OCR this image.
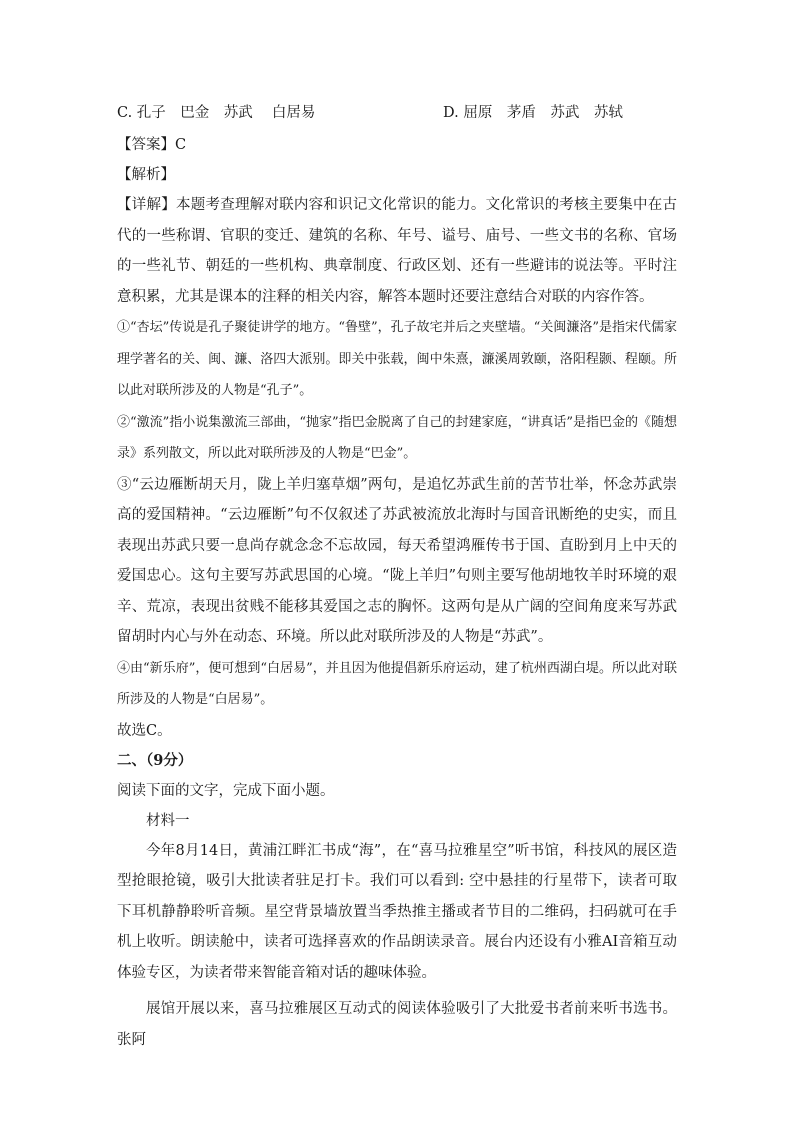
C. 孔子　巴金　苏武　 白居易	D. 屈原　茅盾　苏武　苏轼
【答案】C
【解析】

【详解】本题考查理解对联内容和识记文化常识的能力。文化常识的考核主要集中在古代的一些称谓、官职的变迁、建筑的名称、年号、谥号、庙号、一些文书的名称、官场的一些礼节、朝廷的一些机构、典章制度、行政区划、还有一些避讳的说法等。平时注意积累，尤其是课本的注释的相关内容，解答本题时还要注意结合对联的内容作答。

①“杏坛”传说是孔子聚徒讲学的地方。“鲁壁”，孔子故宅并后之夹壁墙。“关闽濂洛”是指宋代儒家理学著名的关、闽、濂、洛四大派别。即关中张载，闽中朱熹，濂溪周敦颐，洛阳程颢、程颐。所以此对联所涉及的人物是“孔子”。

②“激流”指小说集激流三部曲，“抛家”指巴金脱离了自己的封建家庭，“讲真话”是指巴金的《随想录》系列散文，所以此对联所涉及的人物是“巴金”。

③“云边雁断胡天月，陇上羊归塞草烟”两句，是追忆苏武生前的苦节壮举，怀念苏武崇高的爱国精神。“云边雁断”句不仅叙述了苏武被流放北海时与国音讯断绝的史实，而且表现出苏武只要一息尚存就念念不忘故园，每天希望鸿雁传书于国、直盼到月上中天的爱国忠心。这句主要写苏武思国的心境。“陇上羊归”句则主要写他胡地牧羊时环境的艰辛、荒凉，表现出贫贱不能移其爱国之志的胸怀。这两句是从广阔的空间角度来写苏武留胡时内心与外在动态、环境。所以此对联所涉及的人物是“苏武”。

④由“新乐府”，便可想到“白居易”，并且因为他提倡新乐府运动，建了杭州西湖白堤。所以此对联所涉及的人物是“白居易”。

故选C。
二、（9分）
阅读下面的文字，完成下面小题。
材料一

今年8月14日，黄浦江畔汇书成“海”，在“喜马拉雅星空”听书馆，科技风的展区造型抢眼抢镜，吸引大批读者驻足打卡。我们可以看到: 空中悬挂的行星带下，读者可取下耳机静静聆听音频。星空背景墙放置当季热推主播或者节目的二维码，扫码就可在手机上收听。朗读舱中，读者可选择喜欢的作品朗读录音。展台内还设有小雅AI音箱互动体验专区，为读者带来智能音箱对话的趣味体验。

展馆开展以来，喜马拉雅展区互动式的阅读体验吸引了大批爱书者前来听书选书。张阿
